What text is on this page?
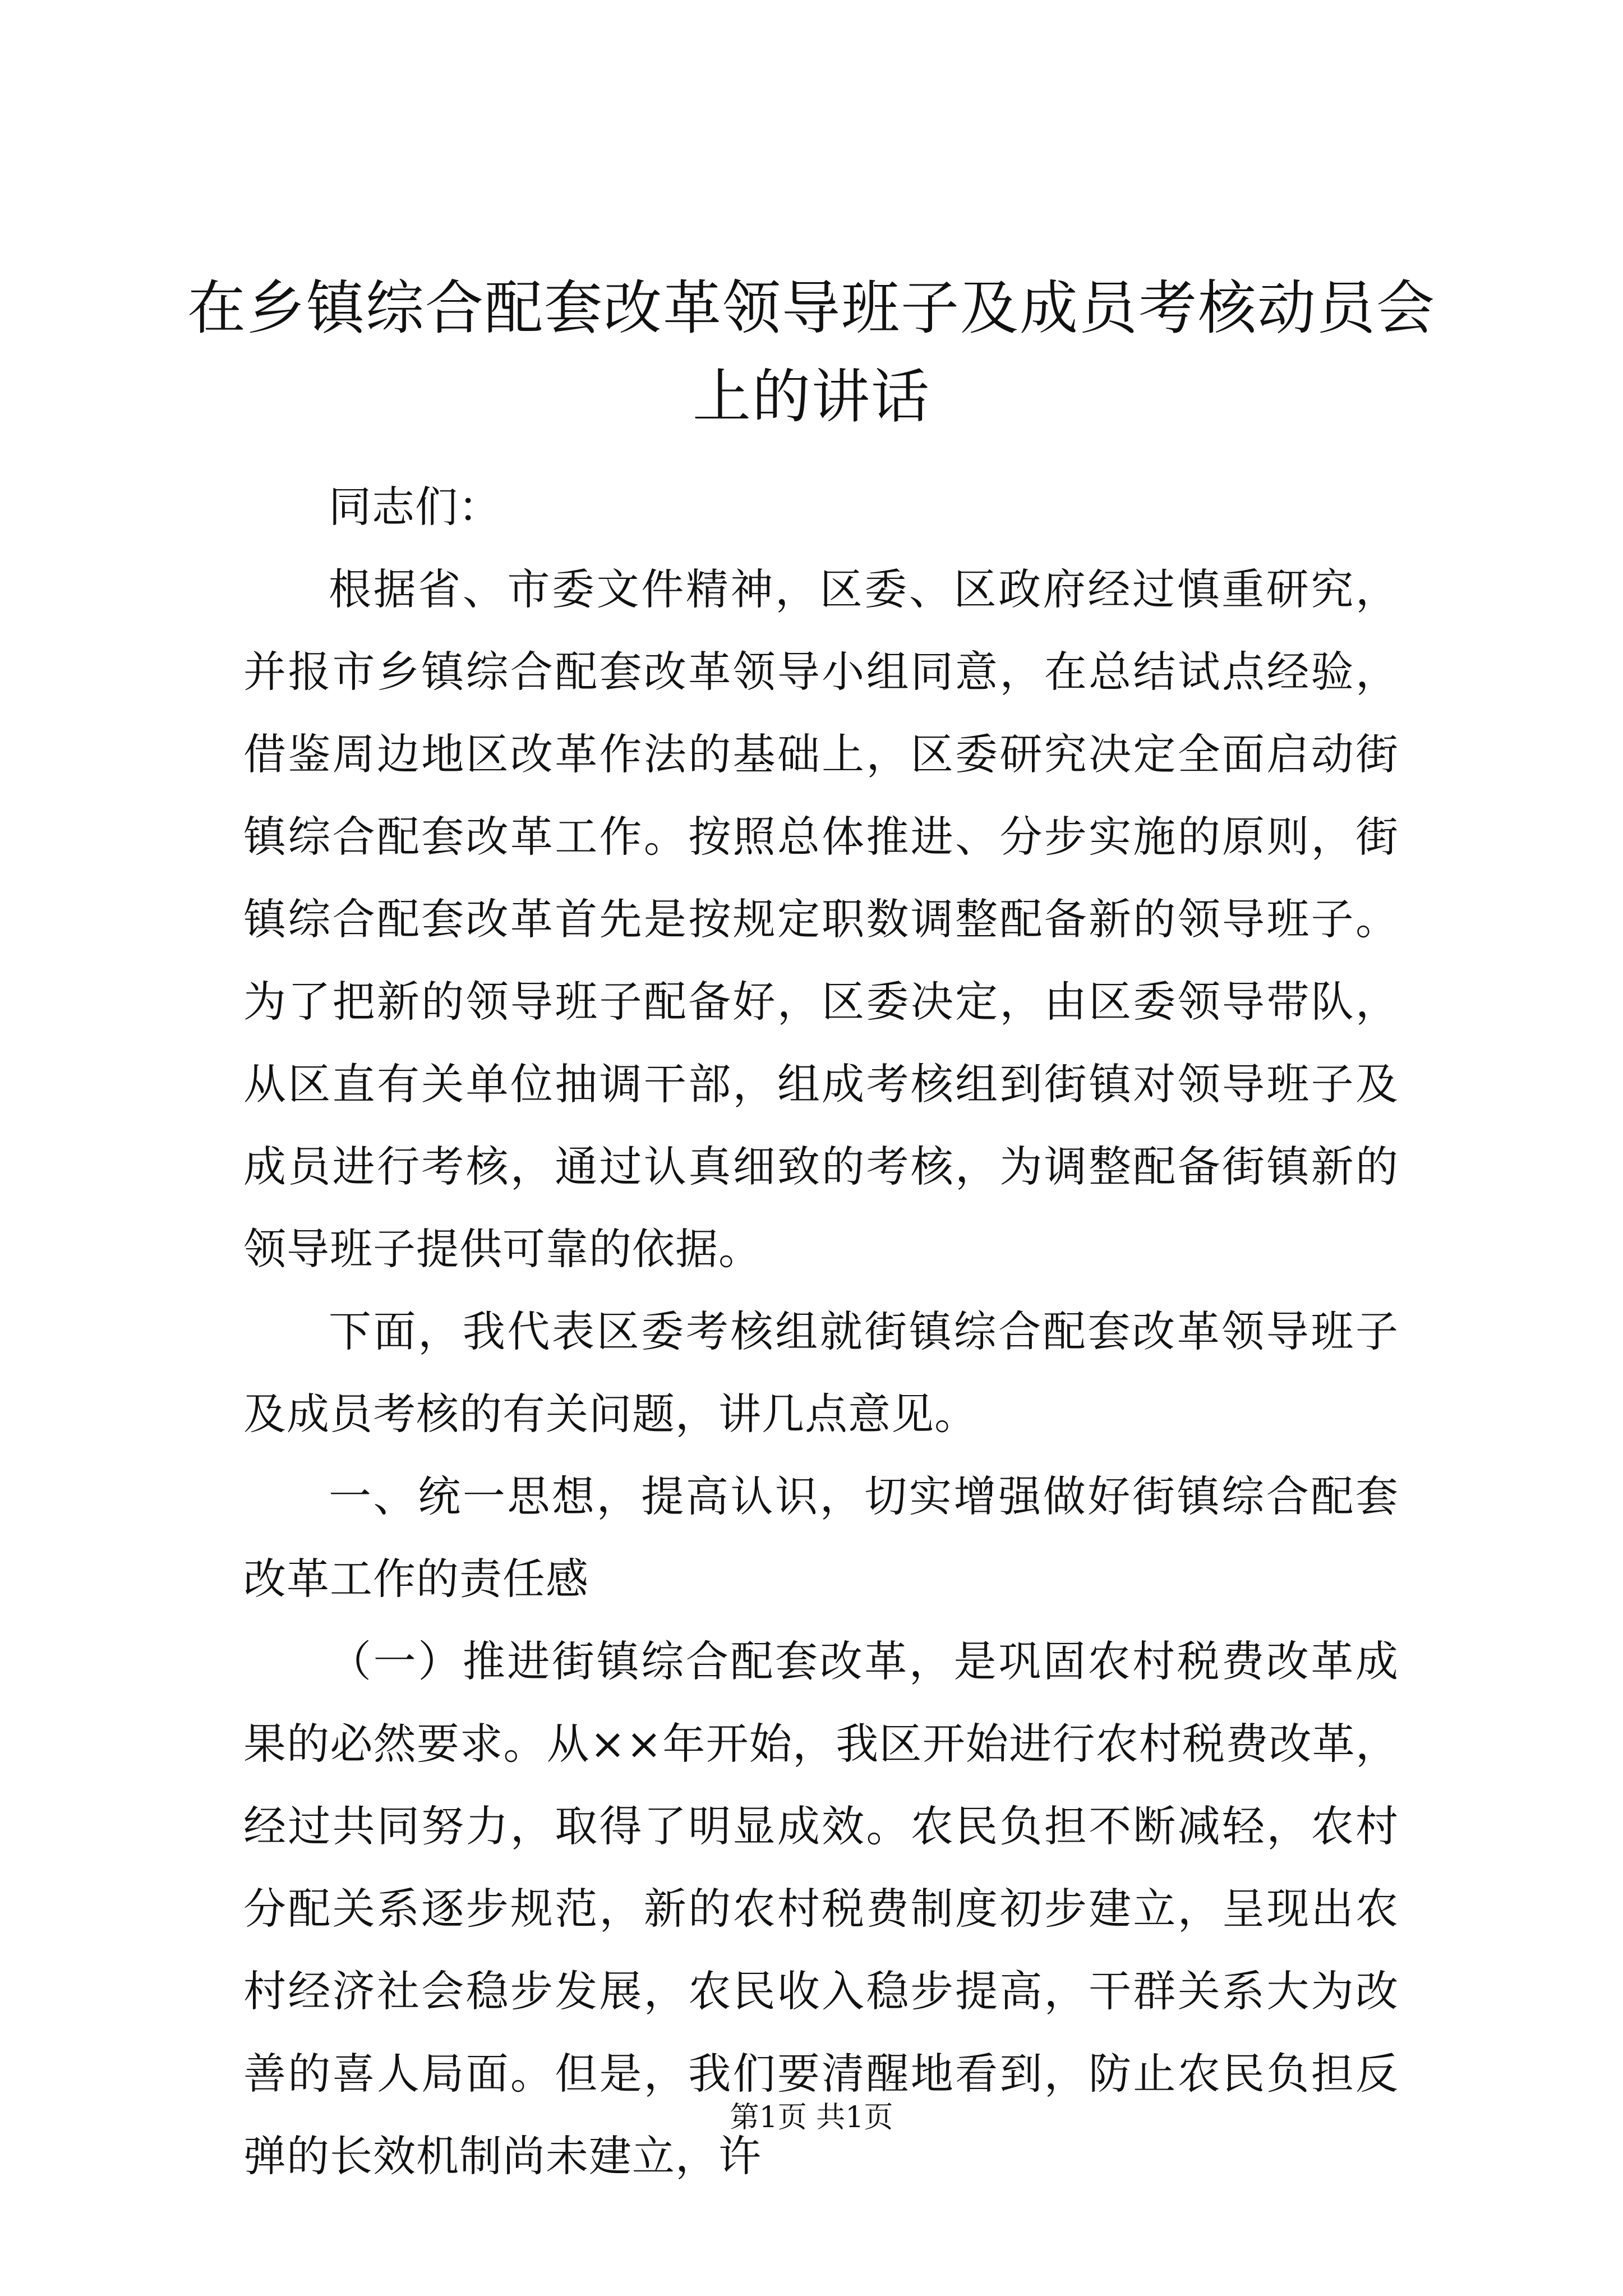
在乡镇综合配套改革领导班子及成员考核动员会上的讲话

同志们：

根据省、市委文件精神，区委、区政府经过慎重研究，并报市乡镇综合配套改革领导小组同意，在总结试点经验，借鉴周边地区改革作法的基础上，区委研究决定全面启动街镇综合配套改革工作。按照总体推进、分步实施的原则，街镇综合配套改革首先是按规定职数调整配备新的领导班子。为了把新的领导班子配备好，区委决定，由区委领导带队，从区直有关单位抽调干部，组成考核组到街镇对领导班子及成员进行考核，通过认真细致的考核，为调整配备街镇新的领导班子提供可靠的依据。

下面，我代表区委考核组就街镇综合配套改革领导班子及成员考核的有关问题，讲几点意见。

一、统一思想，提高认识，切实增强做好街镇综合配套改革工作的责任感

（一）推进街镇综合配套改革，是巩固农村税费改革成果的必然要求。从××年开始，我区开始进行农村税费改革，经过共同努力，取得了明显成效。农民负担不断减轻，农村分配关系逐步规范，新的农村税费制度初步建立，呈现出农村经济社会稳步发展，农民收入稳步提高，干群关系大为改善的喜人局面。但是，我们要清醒地看到，防止农民负担反弹的长效机制尚未建立，许

第1页 共1页
